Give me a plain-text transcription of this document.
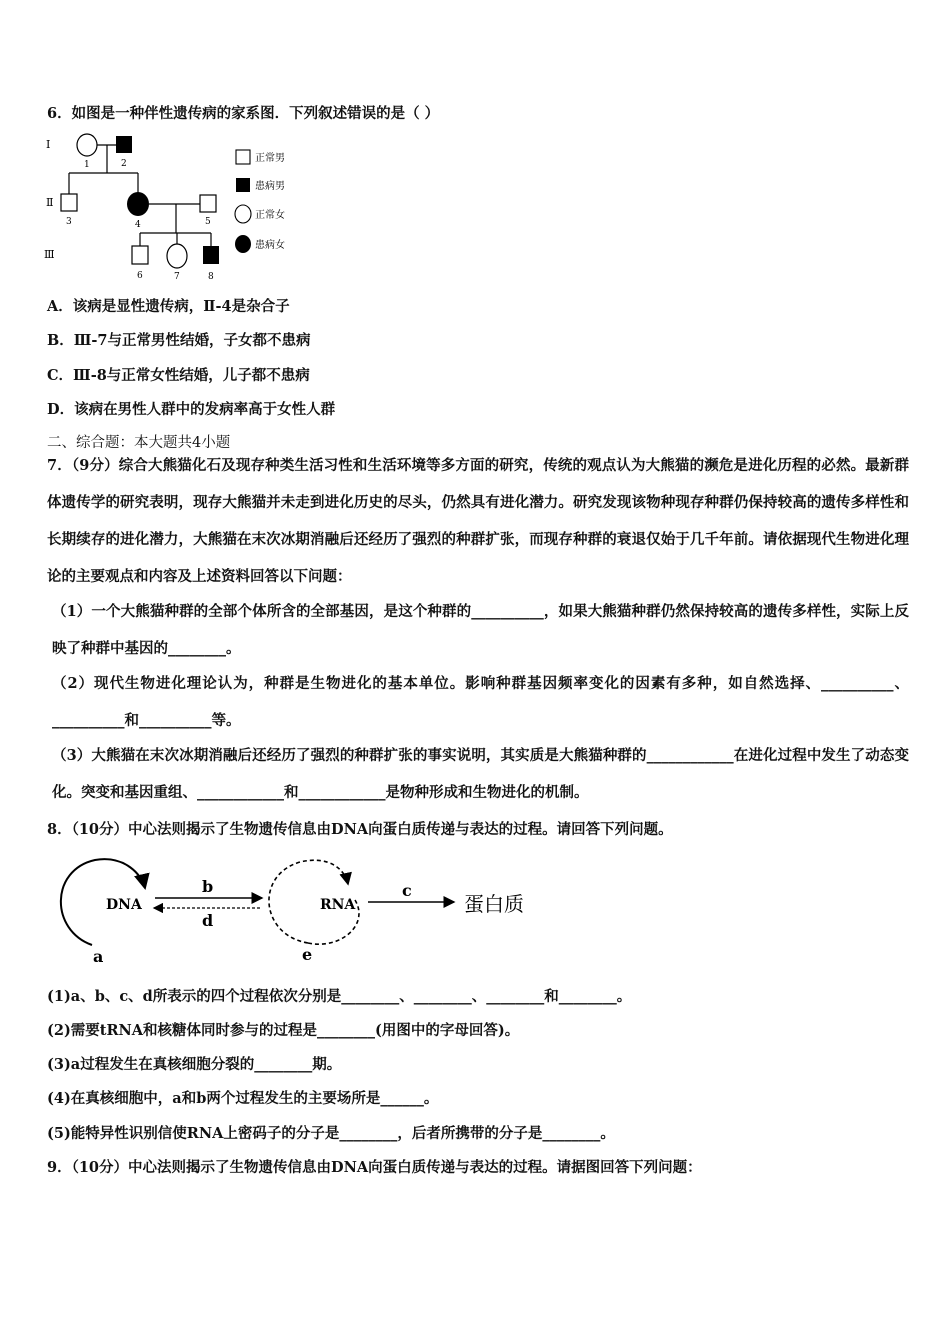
6．如图是一种伴性遗传病的家系图．下列叙述错误的是（ ）
Ⅰ
Ⅱ
Ⅲ
1	2
3	4	5
6	7	8
正常男
患病男
正常女
患病女
A．该病是显性遗传病，Ⅱ-4是杂合子
B．Ⅲ-7与正常男性结婚，子女都不患病
C．Ⅲ-8与正常女性结婚，儿子都不患病
D．该病在男性人群中的发病率高于女性人群
二、综合题：本大题共4小题
7．（9分）综合大熊猫化石及现存种类生活习性和生活环境等多方面的研究，传统的观点认为大熊猫的濒危是进化历程的必然。最新群体遗传学的研究表明，现存大熊猫并未走到进化历史的尽头，仍然具有进化潜力。研究发现该物种现存种群仍保持较高的遗传多样性和长期续存的进化潜力，大熊猫在末次冰期消融后还经历了强烈的种群扩张，而现存种群的衰退仅始于几千年前。请依据现代生物进化理论的主要观点和内容及上述资料回答以下问题：
（1）一个大熊猫种群的全部个体所含的全部基因，是这个种群的__________，如果大熊猫种群仍然保持较高的遗传多样性，实际上反映了种群中基因的________。
（2）现代生物进化理论认为，种群是生物进化的基本单位。影响种群基因频率变化的因素有多种，如自然选择、__________、__________和__________等。
（3）大熊猫在末次冰期消融后还经历了强烈的种群扩张的事实说明，其实质是大熊猫种群的____________在进化过程中发生了动态变化。突变和基因重组、____________和____________是物种形成和生物进化的机制。
8．（10分）中心法则揭示了生物遗传信息由DNA向蛋白质传递与表达的过程。请回答下列问题。
DNA
b
d
RNA
c
蛋白质
a	e
(1)a、b、c、d所表示的四个过程依次分别是________、________、________和________。
(2)需要tRNA和核糖体同时参与的过程是________(用图中的字母回答)。
(3)a过程发生在真核细胞分裂的________期。
(4)在真核细胞中，a和b两个过程发生的主要场所是______。
(5)能特异性识别信使RNA上密码子的分子是________，后者所携带的分子是________。
9．（10分）中心法则揭示了生物遗传信息由DNA向蛋白质传递与表达的过程。请据图回答下列问题：
